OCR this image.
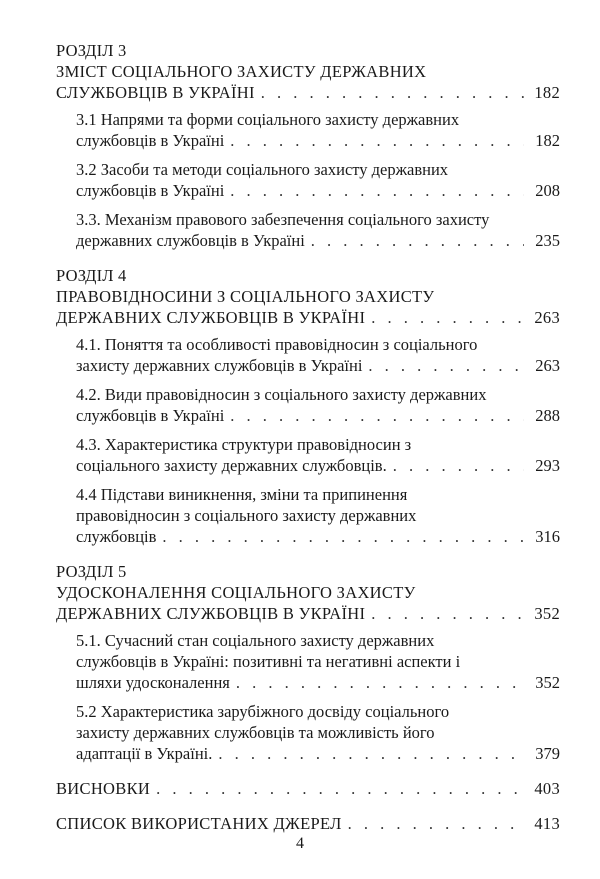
РОЗДІЛ 3
ЗМІСТ СОЦІАЛЬНОГО ЗАХИСТУ ДЕРЖАВНИХ
СЛУЖБОВЦІВ В УКРАЇНІ . . .	182
3.1 Напрями та форми соціального захисту державних
службовців в Україні . . .	182
3.2 Засоби та методи соціального захисту державних
службовців в Україні . . .	208
3.3. Механізм правового забезпечення соціального захисту
державних службовців в Україні . . .	235
РОЗДІЛ 4
ПРАВОВІДНОСИНИ З СОЦІАЛЬНОГО ЗАХИСТУ
ДЕРЖАВНИХ СЛУЖБОВЦІВ В УКРАЇНІ . . .	263
4.1. Поняття та особливості правовідносин з соціального
захисту державних службовців в Україні . . .	263
4.2. Види правовідносин з соціального захисту державних
службовців в Україні . . .	288
4.3. Характеристика структури правовідносин з
соціального захисту державних службовців. . . .	293
4.4 Підстави виникнення, зміни та припинення
правовідносин з соціального захисту державних
службовців . . .	316
РОЗДІЛ 5
УДОСКОНАЛЕННЯ СОЦІАЛЬНОГО ЗАХИСТУ
ДЕРЖАВНИХ СЛУЖБОВЦІВ В УКРАЇНІ . . .	352
5.1. Сучасний стан соціального захисту державних
службовців в Україні: позитивні та негативні аспекти і
шляхи удосконалення . . .	352
5.2 Характеристика зарубіжного досвіду соціального
захисту державних службовців та можливість його
адаптації в Україні. . . .	379
ВИСНОВКИ . . .	403
СПИСОК ВИКОРИСТАНИХ ДЖЕРЕЛ . . .	413
4
